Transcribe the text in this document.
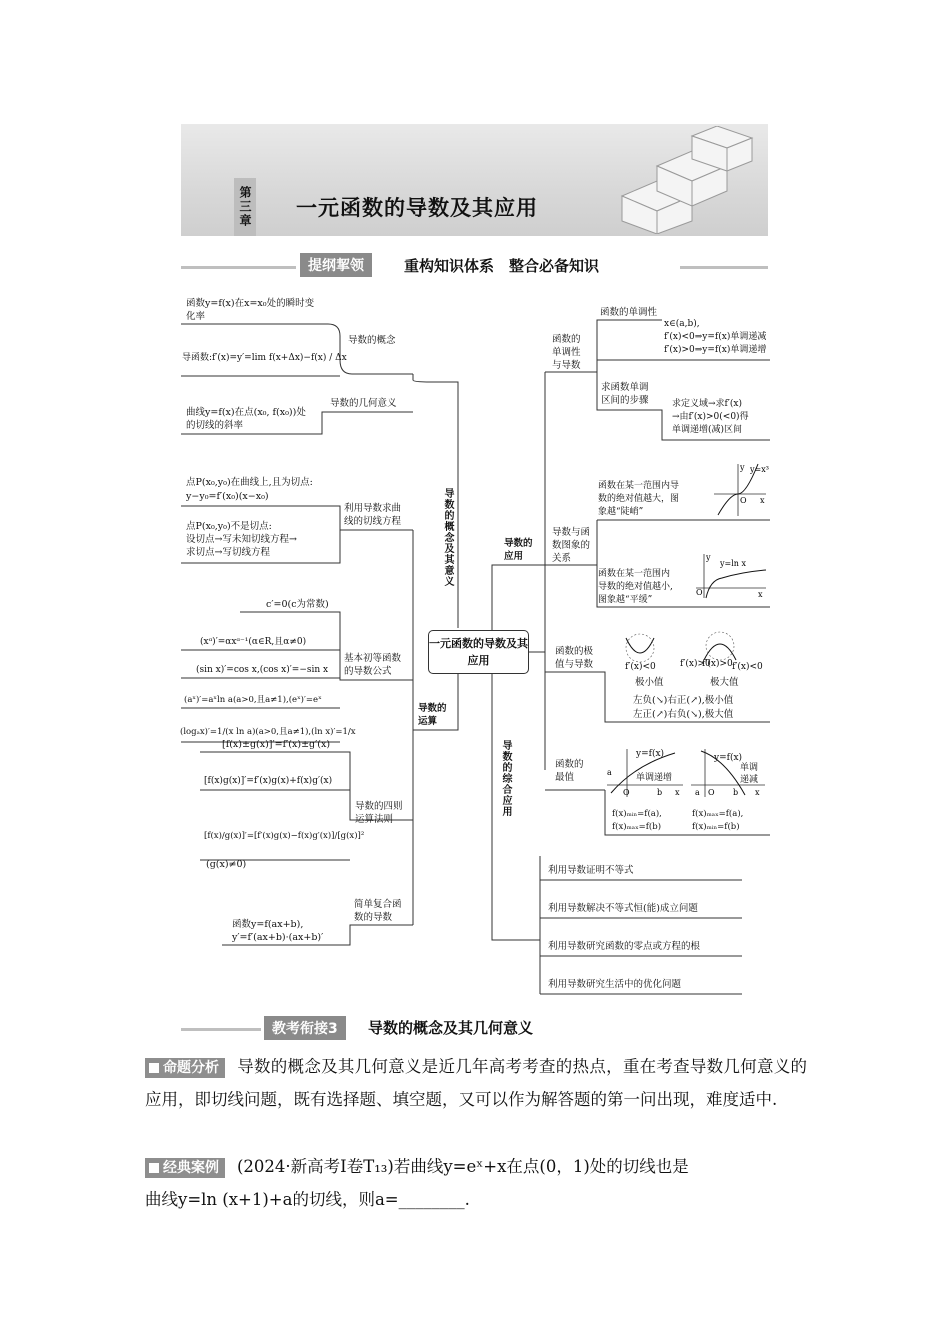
第三章 一元函数的导数及其应用
提纲挈领	重构知识体系　整合必备知识
导数的概念及其意义
导数的
运算
导数的
应用
导数的综合应用
一元函数的导数及其应用
函数y=f(x)在x=x₀处的瞬时变
化率
导数的概念
导函数:f′(x)=y′=lim f(x+Δx)−f(x) / Δx
导数的几何意义
曲线y=f(x)在点(x₀, f(x₀))处
的切线的斜率
点P(x₀,y₀)在曲线上,且为切点:
y−y₀=f′(x₀)(x−x₀)
利用导数求曲
线的切线方程
点P(x₀,y₀)不是切点:
设切点→写未知切线方程→
求切点→写切线方程
c′=0(c为常数)
(xᵅ)′=αxᵅ⁻¹(α∈R,且α≠0)
基本初等函数
的导数公式
(sin x)′=cos x,(cos x)′=−sin x
(aˣ)′=aˣln a(a>0,且a≠1),(eˣ)′=eˣ
(logₐx)′=1/(x ln a)(a>0,且a≠1),(ln x)′=1/x
[f(x)±g(x)]′=f′(x)±g′(x)
[f(x)g(x)]′=f′(x)g(x)+f(x)g′(x)
导数的四则
运算法则
[f(x)/g(x)]′=[f′(x)g(x)−f(x)g′(x)]/[g(x)]²
(g(x)≠0)
简单复合函
数的导数
函数y=f(ax+b),
y′=f′(ax+b)·(ax+b)′
函数的
单调性
与导数
函数的单调性
x∈(a,b),
f′(x)<0⇒y=f(x)单调递减
f′(x)>0⇒y=f(x)单调递增
求函数单调
区间的步骤	求定义域→求f′(x)
→由f′(x)>0(<0)得
单调递增(减)区间
导数与函
数图象的
关系
函数在某一范围内导
数的绝对值越大，图
象越“陡峭”
函数在某一范围内
导数的绝对值越小,
图象越“平缓”
y=x³
O x
y
y=ln x
O	x
y
函数的极
值与导数	f′(x)<0	f′(x)>0
f′(x)>0 f′(x)<0
极小值	极大值
左负(↘)右正(↗),极小值
左正(↗)右负(↘),极大值
函数的
最值	a
O	b x a O b x
y=f(x)
单调递增
y=f(x)
单调
递减
f(x)ₘᵢₙ=f(a),
f(x)ₘₐₓ=f(b)
f(x)ₘₐₓ=f(a),
f(x)ₘᵢₙ=f(b)
利用导数证明不等式
利用导数解决不等式恒(能)成立问题
利用导数研究函数的零点或方程的根
利用导数研究生活中的优化问题
教考衔接3	导数的概念及其几何意义
命题分析 导数的概念及其几何意义是近几年高考考查的热点，重在考查导数几何意义的应用，即切线问题，既有选择题、填空题，又可以作为解答题的第一问出现，难度适中.
经典案例 (2024·新高考Ⅰ卷T₁₃)若曲线y=eˣ+x在点(0，1)处的切线也是
曲线y=ln (x+1)+a的切线，则a=________.
